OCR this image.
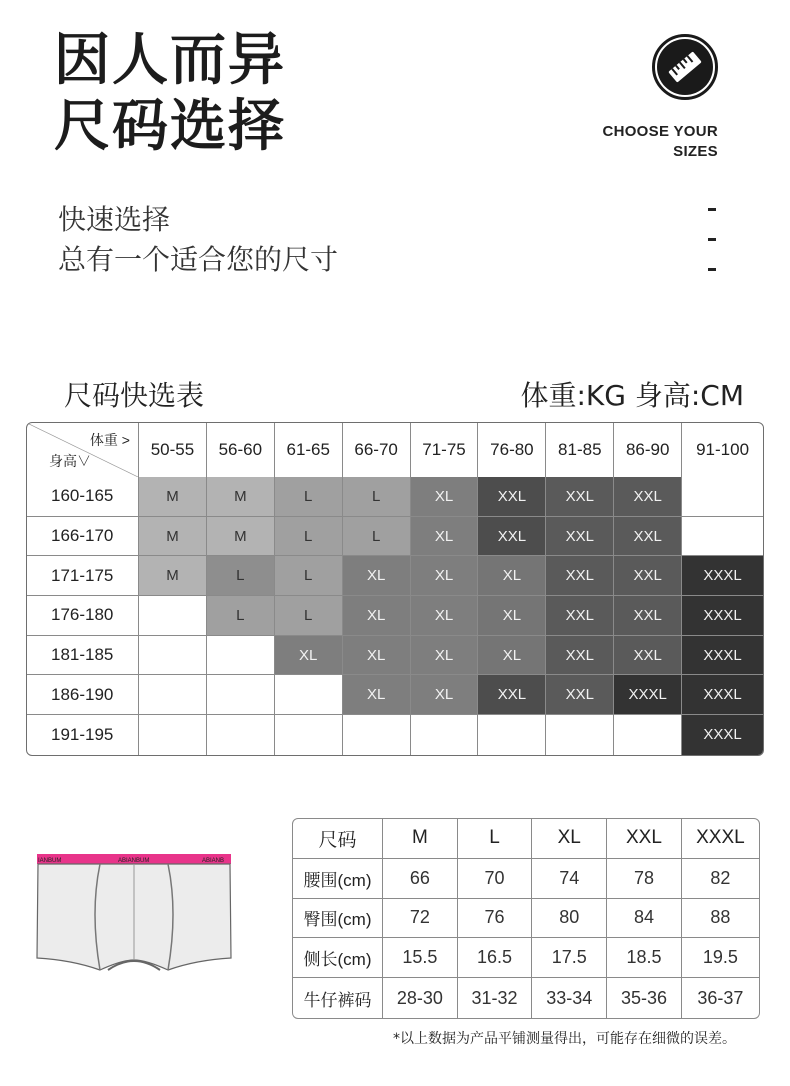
因人而异
尺码选择	CHOOSE YOUR
SIZES
快速选择
总有一个适合您的尺寸
尺码快选表	体重:KG 身高:CM
体重 >
身高∨	50-55	56-60	61-65	66-70	71-75	76-80	81-85	86-90	91-100
160-165	M	M	L	L	XL	XXL	XXL	XXL	
166-170	M	M	L	L	XL	XXL	XXL	XXL	
171-175	M	L	L	XL	XL	XL	XXL	XXL	XXXL
176-180		L	L	XL	XL	XL	XXL	XXL	XXXL
181-185			XL	XL	XL	XL	XXL	XXL	XXXL
186-190				XL	XL	XXL	XXL	XXXL	XXXL
191-195									XXXL
IANBUM	ABIANBUM	ABIANB
尺码	M	L	XL	XXL	XXXL
腰围(cm)	66	70	74	78	82
臀围(cm)	72	76	80	84	88
侧长(cm)	15.5	16.5	17.5	18.5	19.5
牛仔裤码	28-30	31-32	33-34	35-36	36-37
*以上数据为产品平铺测量得出，可能存在细微的误差。
